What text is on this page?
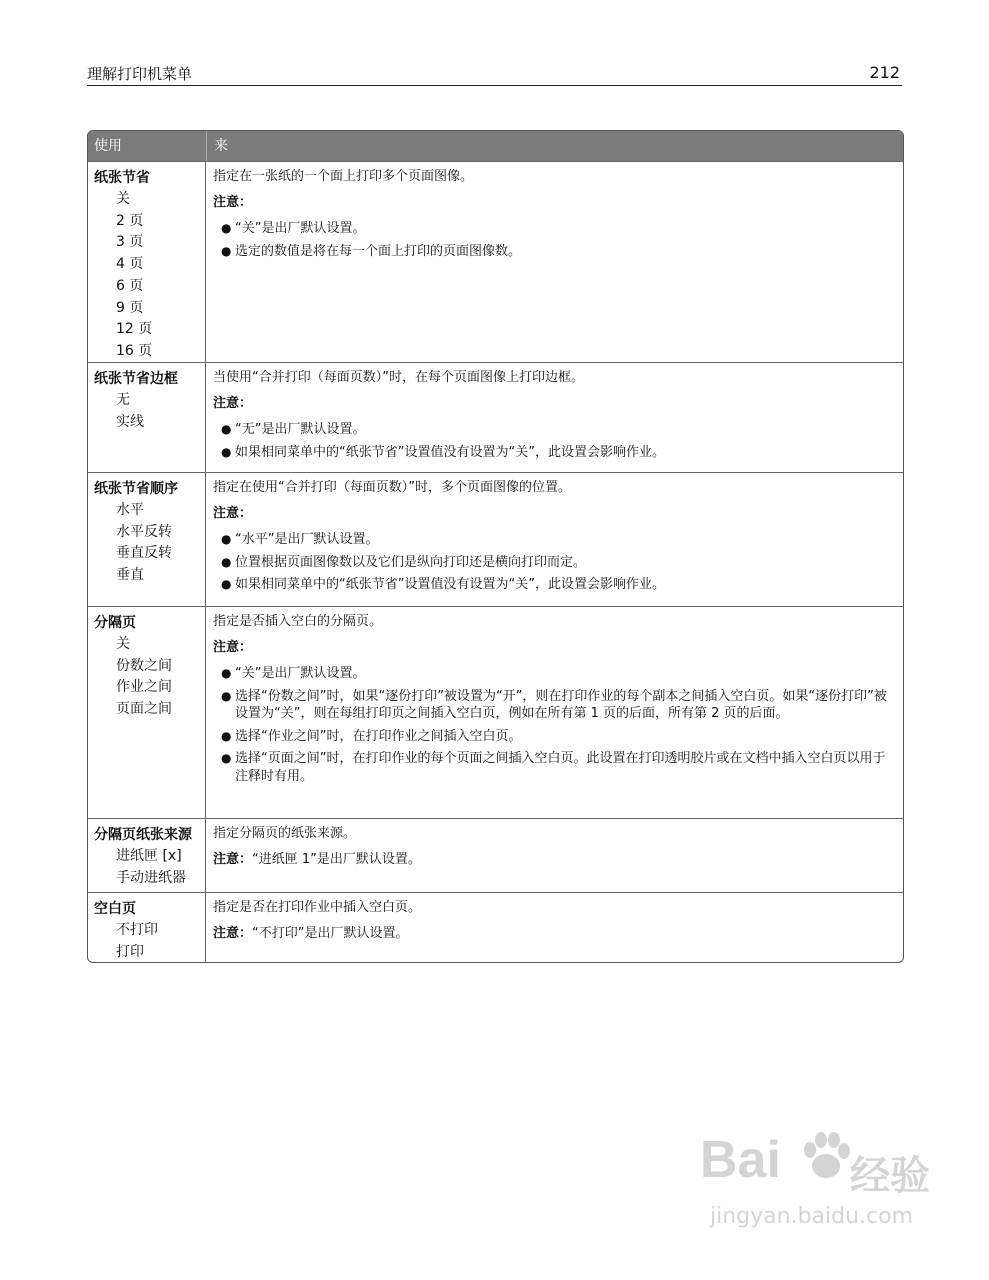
理解打印机菜单	212
使用	来
纸张节省
关
2 页
3 页
4 页
6 页
9 页
12 页
16 页
指定在一张纸的一个面上打印多个页面图像。
注意：
● “关”是出厂默认设置。
● 选定的数值是将在每一个面上打印的页面图像数。
纸张节省边框
无
实线
当使用“合并打印（每面页数）”时，在每个页面图像上打印边框。
注意：
● “无”是出厂默认设置。
● 如果相同菜单中的“纸张节省”设置值没有设置为“关”，此设置会影响作业。
纸张节省顺序
水平
水平反转
垂直反转
垂直
指定在使用“合并打印（每面页数）”时，多个页面图像的位置。
注意：
● “水平”是出厂默认设置。
● 位置根据页面图像数以及它们是纵向打印还是横向打印而定。
● 如果相同菜单中的“纸张节省”设置值没有设置为“关”，此设置会影响作业。
分隔页
关
份数之间
作业之间
页面之间
指定是否插入空白的分隔页。
注意：
● “关”是出厂默认设置。
● 选择“份数之间”时，如果“逐份打印”被设置为“开”，则在打印作业的每个副本之间插入空白页。如果“逐份打印”被设置为“关”，则在每组打印页之间插入空白页，例如在所有第 1 页的后面，所有第 2 页的后面。
● 选择“作业之间”时，在打印作业之间插入空白页。
● 选择“页面之间”时，在打印作业的每个页面之间插入空白页。此设置在打印透明胶片或在文档中插入空白页以用于注释时有用。
分隔页纸张来源
进纸匣 [x]
手动进纸器
指定分隔页的纸张来源。
注意：“进纸匣 1”是出厂默认设置。
空白页
不打印
打印
指定是否在打印作业中插入空白页。
注意：“不打印”是出厂默认设置。
Bai 经验
jingyan.baidu.com
